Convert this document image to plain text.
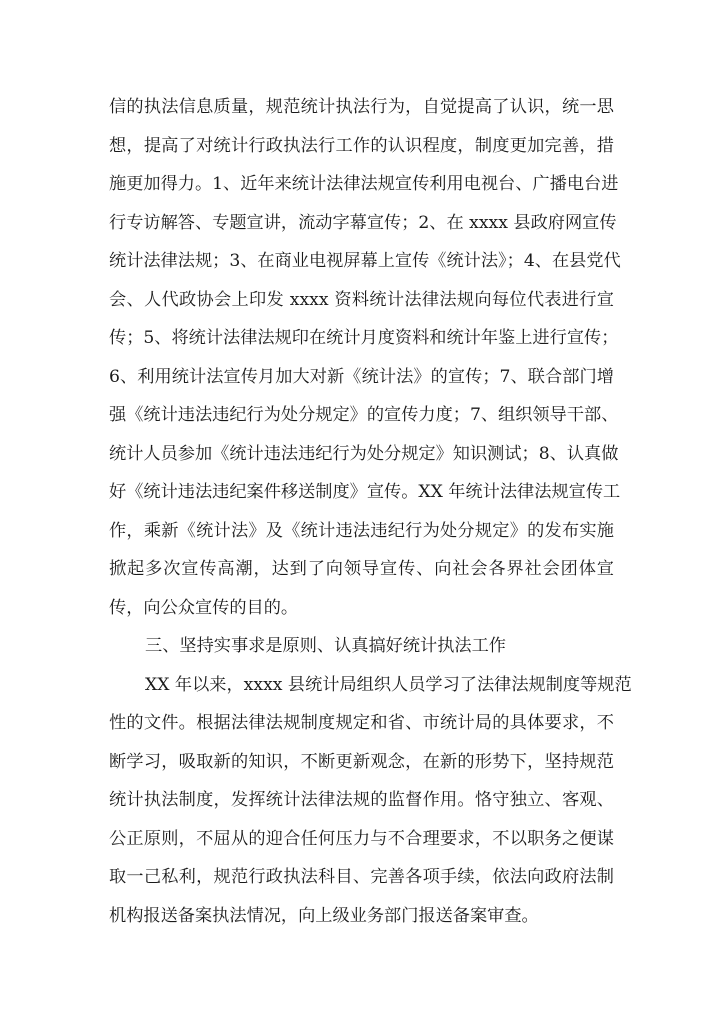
信的执法信息质量，规范统计执法行为，自觉提高了认识，统一思
想，提高了对统计行政执法行工作的认识程度，制度更加完善，措
施更加得力。1、近年来统计法律法规宣传利用电视台、广播电台进
行专访解答、专题宣讲，流动字幕宣传；2、在 xxxx 县政府网宣传
统计法律法规；3、在商业电视屏幕上宣传《统计法》；4、在县党代
会、人代政协会上印发 xxxx 资料统计法律法规向每位代表进行宣
传；5、将统计法律法规印在统计月度资料和统计年鉴上进行宣传；
6、利用统计法宣传月加大对新《统计法》的宣传；7、联合部门增
强《统计违法违纪行为处分规定》的宣传力度；7、组织领导干部、
统计人员参加《统计违法违纪行为处分规定》知识测试；8、认真做
好《统计违法违纪案件移送制度》宣传。XX 年统计法律法规宣传工
作，乘新《统计法》及《统计违法违纪行为处分规定》的发布实施
掀起多次宣传高潮，达到了向领导宣传、向社会各界社会团体宣
传，向公众宣传的目的。
三、坚持实事求是原则、认真搞好统计执法工作
XX 年以来，xxxx 县统计局组织人员学习了法律法规制度等规范
性的文件。根据法律法规制度规定和省、市统计局的具体要求，不
断学习，吸取新的知识，不断更新观念，在新的形势下，坚持规范
统计执法制度，发挥统计法律法规的监督作用。恪守独立、客观、
公正原则，不屈从的迎合任何压力与不合理要求，不以职务之便谋
取一己私利，规范行政执法科目、完善各项手续，依法向政府法制
机构报送备案执法情况，向上级业务部门报送备案审查。
